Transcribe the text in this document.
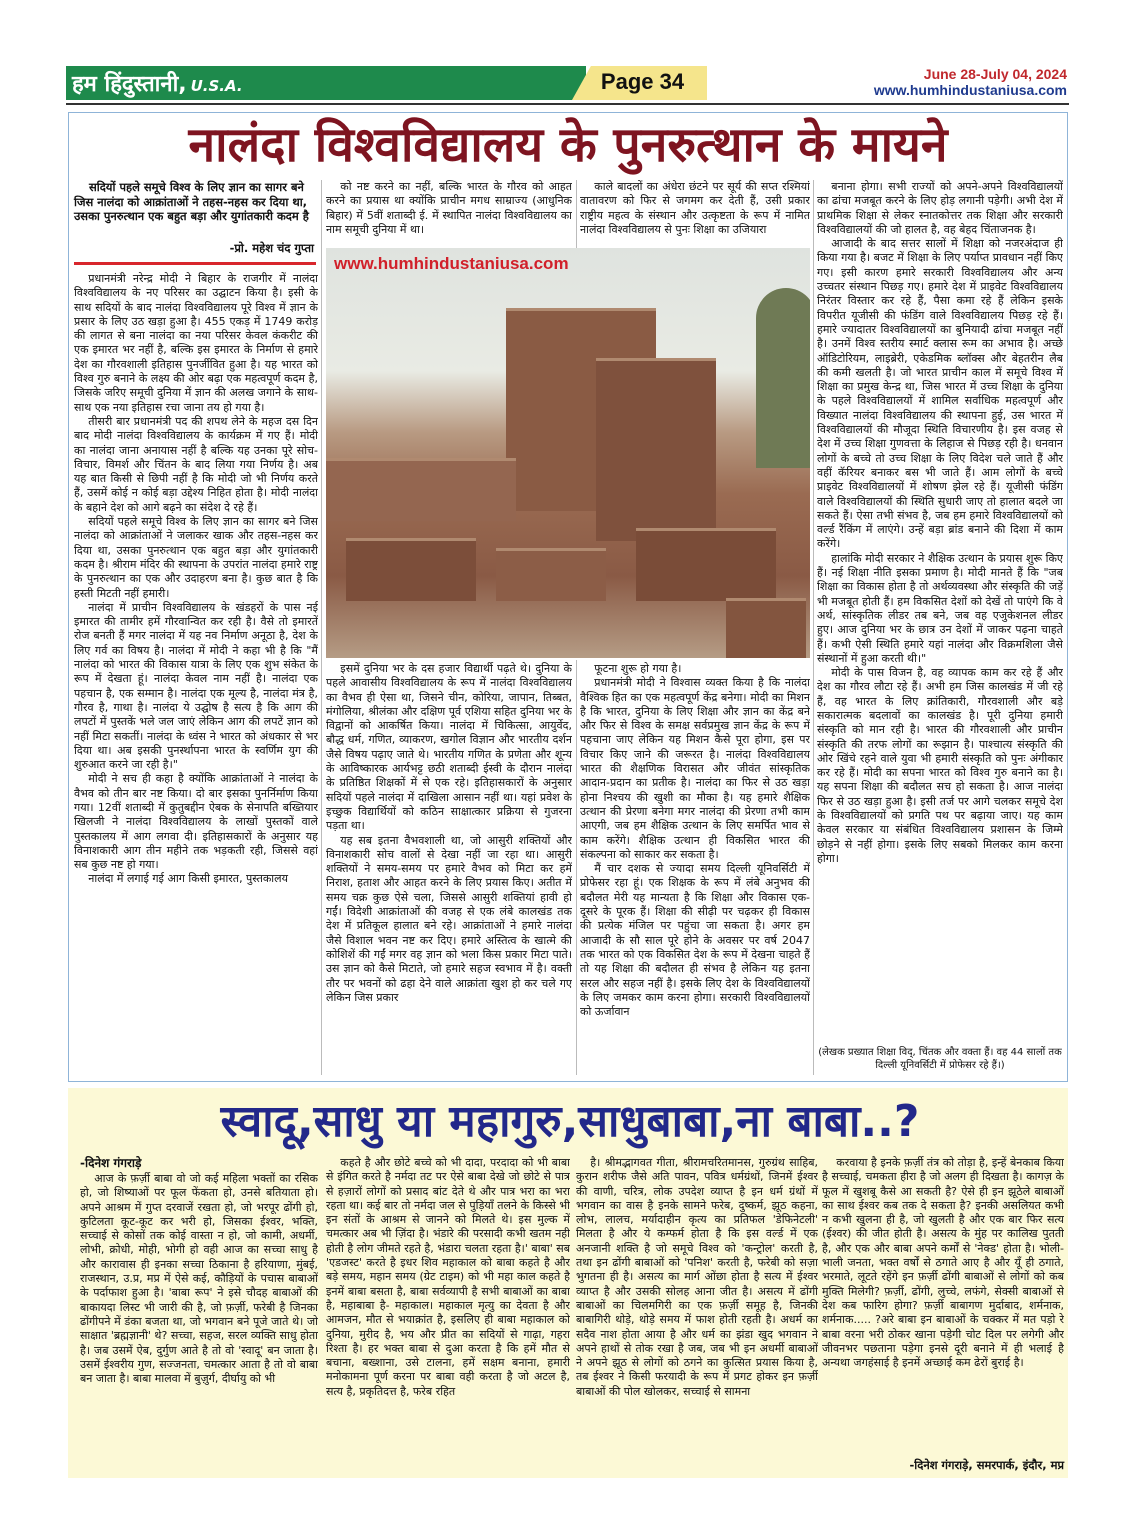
हम हिंदुस्तानी, U.S.A.	Page 34	June 28-July 04, 2024
www.humhindustaniusa.com
नालंदा विश्वविद्यालय के पुनरुत्थान के मायने

सदियों पहले समूचे विश्व के लिए ज्ञान का सागर बने जिस नालंदा को आक्रांताओं ने तहस-नहस कर दिया था, उसका पुनरुत्थान एक बहुत बड़ा और युगांतकारी कदम है

-प्रो. महेश चंद गुप्ता

प्रधानमंत्री नरेन्द्र मोदी ने बिहार के राजगीर में नालंदा विश्वविद्यालय के नए परिसर का उद्घाटन किया है। इसी के साथ सदियों के बाद नालंदा विश्वविद्यालय पूरे विश्व में ज्ञान के प्रसार के लिए उठ खड़ा हुआ है। 455 एकड़ में 1749 करोड़ की लागत से बना नालंदा का नया परिसर केवल कंकरीट की एक इमारत भर नहीं है, बल्कि इस इमारत के निर्माण से हमारे देश का गौरवशाली इतिहास पुनर्जीवित हुआ है। यह भारत को विश्व गुरु बनाने के लक्ष्य की ओर बढ़ा एक महत्वपूर्ण कदम है, जिसके जरिए समूची दुनिया में ज्ञान की अलख जगाने के साथ-साथ एक नया इतिहास रचा जाना तय हो गया है।

तीसरी बार प्रधानमंत्री पद की शपथ लेने के महज दस दिन बाद मोदी नालंदा विश्वविद्यालय के कार्यक्रम में गए हैं। मोदी का नालंदा जाना अनायास नहीं है बल्कि यह उनका पूरे सोच-विचार, विमर्श और चिंतन के बाद लिया गया निर्णय है। अब यह बात किसी से छिपी नहीं है कि मोदी जो भी निर्णय करते हैं, उसमें कोई न कोई बड़ा उद्देश्य निहित होता है। मोदी नालंदा के बहाने देश को आगे बढ़ने का संदेश दे रहे हैं।

सदियों पहले समूचे विश्व के लिए ज्ञान का सागर बने जिस नालंदा को आक्रांताओं ने जलाकर खाक और तहस-नहस कर दिया था, उसका पुनरुत्थान एक बहुत बड़ा और युगांतकारी कदम है। श्रीराम मंदिर की स्थापना के उपरांत नालंदा हमारे राष्ट्र के पुनरुत्थान का एक और उदाहरण बना है। कुछ बात है कि हस्ती मिटती नहीं हमारी।

नालंदा में प्राचीन विश्वविद्यालय के खंडहरों के पास नई इमारत की तामीर हमें गौरवान्वित कर रही है। वैसे तो इमारतें रोज बनती हैं मगर नालंदा में यह नव निर्माण अनूठा है, देश के लिए गर्व का विषय है। नालंदा में मोदी ने कहा भी है कि "मैं नालंदा को भारत की विकास यात्रा के लिए एक शुभ संकेत के रूप में देखता हूं। नालंदा केवल नाम नहीं है। नालंदा एक पहचान है, एक सम्मान है। नालंदा एक मूल्य है, नालंदा मंत्र है, गौरव है, गाथा है। नालंदा ये उद्घोष है सत्य है कि आग की लपटों में पुस्तकें भले जल जाएं लेकिन आग की लपटें ज्ञान को नहीं मिटा सकतीं। नालंदा के ध्वंस ने भारत को अंधकार से भर दिया था। अब इसकी पुनर्स्थापना भारत के स्वर्णिम युग की शुरुआत करने जा रही है।"

मोदी ने सच ही कहा है क्योंकि आक्रांताओं ने नालंदा के वैभव को तीन बार नष्ट किया। दो बार इसका पुनर्निर्माण किया गया। 12वीं शताब्दी में कुतुबद्दीन ऐबक के सेनापति बख्तियार खिलजी ने नालंदा विश्वविद्यालय के लाखों पुस्तकों वाले पुस्तकालय में आग लगवा दी। इतिहासकारों के अनुसार यह विनाशकारी आग तीन महीने तक भड़कती रही, जिससे वहां सब कुछ नष्ट हो गया।

नालंदा में लगाई गई आग किसी इमारत, पुस्तकालय

को नष्ट करने का नहीं, बल्कि भारत के गौरव को आहत करने का प्रयास था क्योंकि प्राचीन मगध साम्राज्य (आधुनिक बिहार) में 5वीं शताब्दी ई. में स्थापित नालंदा विश्वविद्यालय का नाम समूची दुनिया में था।

काले बादलों का अंधेरा छंटने पर सूर्य की सप्त रश्मियां वातावरण को फिर से जगमग कर देती हैं, उसी प्रकार राष्ट्रीय महत्व के संस्थान और उत्कृष्टता के रूप में नामित नालंदा विश्वविद्यालय से पुनः शिक्षा का उजियारा

www.humhindustaniusa.com

इसमें दुनिया भर के दस हजार विद्यार्थी पढ़ते थे। दुनिया के पहले आवासीय विश्वविद्यालय के रूप में नालंदा विश्वविद्यालय का वैभव ही ऐसा था, जिसने चीन, कोरिया, जापान, तिब्बत, मंगोलिया, श्रीलंका और दक्षिण पूर्व एशिया सहित दुनिया भर के विद्वानों को आकर्षित किया। नालंदा में चिकित्सा, आयुर्वेद, बौद्ध धर्म, गणित, व्याकरण, खगोल विज्ञान और भारतीय दर्शन जैसे विषय पढ़ाए जाते थे। भारतीय गणित के प्रणेता और शून्य के आविष्कारक आर्यभट्ट छठी शताब्दी ईस्वी के दौरान नालंदा के प्रतिष्ठित शिक्षकों में से एक रहे। इतिहासकारों के अनुसार सदियों पहले नालंदा में दाखिला आसान नहीं था। यहां प्रवेश के इच्छुक विद्यार्थियों को कठिन साक्षात्कार प्रक्रिया से गुजरना पड़ता था।

यह सब इतना वैभवशाली था, जो आसुरी शक्तियों और विनाशकारी सोच वालों से देखा नहीं जा रहा था। आसुरी शक्तियों ने समय-समय पर हमारे वैभव को मिटा कर हमें निराश, हताश और आहत करने के लिए प्रयास किए। अतीत में समय चक्र कुछ ऐसे चला, जिससे आसुरी शक्तियां हावी हो गईं। विदेशी आक्रांताओं की वजह से एक लंबे कालखंड तक देश में प्रतिकूल हालात बने रहे। आक्रांताओं ने हमारे नालंदा जैसे विशाल भवन नष्ट कर दिए। हमारे अस्तित्व के खात्मे की कोशिशें की गईं मगर वह ज्ञान को भला किस प्रकार मिटा पाते। उस ज्ञान को कैसे मिटाते, जो हमारे सहज स्वभाव में है। वक्ती तौर पर भवनों को ढहा देने वाले आक्रांता खुश हो कर चले गए लेकिन जिस प्रकार

फूटना शुरू हो गया है।

प्रधानमंत्री मोदी ने विश्वास व्यक्त किया है कि नालंदा वैश्विक हित का एक महत्वपूर्ण केंद्र बनेगा। मोदी का मिशन है कि भारत, दुनिया के लिए शिक्षा और ज्ञान का केंद्र बने और फिर से विश्व के समक्ष सर्वप्रमुख ज्ञान केंद्र के रूप में पहचाना जाए लेकिन यह मिशन कैसे पूरा होगा, इस पर विचार किए जाने की जरूरत है। नालंदा विश्वविद्यालय भारत की शैक्षणिक विरासत और जीवंत सांस्कृतिक आदान-प्रदान का प्रतीक है। नालंदा का फिर से उठ खड़ा होना निश्चय की खुशी का मौका है। यह हमारे शैक्षिक उत्थान की प्रेरणा बनेगा मगर नालंदा की प्रेरणा तभी काम आएगी, जब हम शैक्षिक उत्थान के लिए समर्पित भाव से काम करेंगे। शैक्षिक उत्थान ही विकसित भारत की संकल्पना को साकार कर सकता है।

मैं चार दशक से ज्यादा समय दिल्ली यूनिवर्सिटी में प्रोफेसर रहा हूं। एक शिक्षक के रूप में लंबे अनुभव की बदौलत मेरी यह मान्यता है कि शिक्षा और विकास एक-दूसरे के पूरक हैं। शिक्षा की सीढ़ी पर चढ़कर ही विकास की प्रत्येक मंजिल पर पहुंचा जा सकता है। अगर हम आजादी के सौ साल पूरे होने के अवसर पर वर्ष 2047 तक भारत को एक विकसित देश के रूप में देखना चाहते हैं तो यह शिक्षा की बदौलत ही संभव है लेकिन यह इतना सरल और सहज नहीं है। इसके लिए देश के विश्वविद्यालयों के लिए जमकर काम करना होगा। सरकारी विश्वविद्यालयों को ऊर्जावान

बनाना होगा। सभी राज्यों को अपने-अपने विश्वविद्यालयों का ढांचा मजबूत करने के लिए होड़ लगानी पड़ेगी। अभी देश में प्राथमिक शिक्षा से लेकर स्नातकोत्तर तक शिक्षा और सरकारी विश्वविद्यालयों की जो हालत है, वह बेहद चिंताजनक है।

आजादी के बाद सत्तर सालों में शिक्षा को नजरअंदाज ही किया गया है। बजट में शिक्षा के लिए पर्याप्त प्रावधान नहीं किए गए। इसी कारण हमारे सरकारी विश्वविद्यालय और अन्य उच्चतर संस्थान पिछड़ गए। हमारे देश में प्राइवेट विश्वविद्यालय निरंतर विस्तार कर रहे हैं, पैसा कमा रहे हैं लेकिन इसके विपरीत यूजीसी की फंडिंग वाले विश्वविद्यालय पिछड़ रहे हैं। हमारे ज्यादातर विश्वविद्यालयों का बुनियादी ढांचा मजबूत नहीं है। उनमें विश्व स्तरीय स्मार्ट क्लास रूम का अभाव है। अच्छे ऑडिटोरियम, लाइब्रेरी, एकेडमिक ब्लॉक्स और बेहतरीन लैब की कमी खलती है। जो भारत प्राचीन काल में समूचे विश्व में शिक्षा का प्रमुख केन्द्र था, जिस भारत में उच्च शिक्षा के दुनिया के पहले विश्वविद्यालयों में शामिल सर्वाधिक महत्वपूर्ण और विख्यात नालंदा विश्वविद्यालय की स्थापना हुई, उस भारत में विश्वविद्यालयों की मौजूदा स्थिति विचारणीय है। इस वजह से देश में उच्च शिक्षा गुणवत्ता के लिहाज से पिछड़ रही है। धनवान लोगों के बच्चे तो उच्च शिक्षा के लिए विदेश चले जाते हैं और वहीं कॅरियर बनाकर बस भी जाते हैं। आम लोगों के बच्चे प्राइवेट विश्वविद्यालयों में शोषण झेल रहे हैं। यूजीसी फंडिंग वाले विश्वविद्यालयों की स्थिति सुधारी जाए तो हालात बदले जा सकते हैं। ऐसा तभी संभव है, जब हम हमारे विश्वविद्यालयों को वर्ल्ड रैंकिंग में लाएंगे। उन्हें बड़ा ब्रांड बनाने की दिशा में काम करेंगे।

हालांकि मोदी सरकार ने शैक्षिक उत्थान के प्रयास शुरू किए हैं। नई शिक्षा नीति इसका प्रमाण है। मोदी मानते हैं कि "जब शिक्षा का विकास होता है तो अर्थव्यवस्था और संस्कृति की जड़ें भी मजबूत होती हैं। हम विकसित देशों को देखें तो पाएंगे कि वे अर्थ, सांस्कृतिक लीडर तब बने, जब वह एजुकेशनल लीडर हुए। आज दुनिया भर के छात्र उन देशों में जाकर पढ़ना चाहते हैं। कभी ऐसी स्थिति हमारे यहां नालंदा और विक्रमशिला जैसे संस्थानों में हुआ करती थी।"

मोदी के पास विजन है, वह व्यापक काम कर रहे हैं और देश का गौरव लौटा रहे हैं। अभी हम जिस कालखंड में जी रहे हैं, वह भारत के लिए क्रांतिकारी, गौरवशाली और बड़े सकारात्मक बदलावों का कालखंड है। पूरी दुनिया हमारी संस्कृति को मान रही है। भारत की गौरवशाली और प्राचीन संस्कृति की तरफ लोगों का रूझान है। पाश्चात्य संस्कृति की ओर खिंचे रहने वाले युवा भी हमारी संस्कृति को पुनः अंगीकार कर रहे हैं। मोदी का सपना भारत को विश्व गुरु बनाने का है। यह सपना शिक्षा की बदौलत सच हो सकता है। आज नालंदा फिर से उठ खड़ा हुआ है। इसी तर्ज पर आगे चलकर समूचे देश के विश्वविद्यालयों को प्रगति पथ पर बढ़ाया जाए। यह काम केवल सरकार या संबंधित विश्वविद्यालय प्रशासन के जिम्मे छोड़ने से नहीं होगा। इसके लिए सबको मिलकर काम करना होगा।

(लेखक प्रख्यात शिक्षा विद्, चिंतक और वक्ता हैं। वह 44 सालों तक दिल्ली यूनिवर्सिटी में प्रोफेसर रहे हैं।)
स्वादू,साधु या महागुरु,साधुबाबा,ना बाबा..?
-दिनेश गंगराड़े

आज के फ़र्ज़ी बाबा वो जो कई महिला भक्तों का रसिक हो, जो शिष्याओं पर फूल फेंकता हो, उनसे बतियाता हो। अपने आश्रम में गुप्त दरवाजें रखता हो, जो भरपूर ढोंगी हो, कुटिलता कूट-कूट कर भरी हो, जिसका ईश्वर, भक्ति, सच्चाई से कोसों तक कोई वास्ता न हो, जो कामी, अधर्मी, लोभी, क्रोधी, मोही, भोगी हो वही आज का सच्चा साधु है और कारावास ही इनका सच्चा ठिकाना है हरियाणा, मुंबई, राजस्थान, उ.प्र, मप्र में ऐसे कई, कौड़ियों के पचास बाबाओं के पर्दाफाश हुआ है। 'बाबा रूप' ने इसे चौदह बाबाओं की बाकायदा लिस्ट भी जारी की है, जो फ़र्ज़ी, फरेबी है जिनका ढोंगीपने में डंका बजता था, जो भगवान बने पूजे जाते थे। जो साक्षात 'ब्रह्मज्ञानी' थे? सच्चा, सहज, सरल व्यक्ति साधु होता है। जब उसमें ऐब, दुर्गुण आते है तो वो 'स्वादू' बन जाता है। उसमें ईश्वरीय गुण, सज्जनता, चमत्कार आता है तो वो बाबा बन जाता है। बाबा मालवा में बुज़ुर्ग, दीर्घायु को भी

कहते है और छोटे बच्चे को भी दादा, परदादा को भी बाबा से इंगित करते है नर्मदा तट पर ऐसे बाबा देखे जो छोटे से पात्र से हज़ारों लोगों को प्रसाद बांट देते थे और पात्र भरा का भरा रहता था। कई बार तो नर्मदा जल से पुड़ियाँ तलने के किस्से भी इन संतों के आश्रम से जानने को मिलते थे। इस मुल्क में चमत्कार अब भी ज़िंदा है। भंडारे की परसादी कभी खतम नही होती है लोग जीमते रहते है, भंडारा चलता रहता है।' बाबा' सब 'एडजस्ट' करते है इधर शिव महाकाल को बाबा कहते है और बड़े समय, महान समय (ग्रेट टाइम) को भी महा काल कहते है इनमें बाबा बसता है, बाबा सर्वव्यापी है सभी बाबाओं का बाबा है, महाबाबा है- महाकाल। महाकाल मृत्यु का देवता है और आमजन, मौत से भयाक्रांत है, इसलिए ही बाबा महाकाल को दुनिया, मुरीद है, भय और प्रीत का सदियों से गाढ़ा, गहरा रिश्ता है। हर भक्त बाबा से दुआ करता है कि हमें मौत से बचाना, बख्शाना, उसे टालना, हमें सक्षम बनाना, हमारी मनोकामना पूर्ण करना पर बाबा वही करता है जो अटल है, सत्य है, प्रकृतिदत्त है, फरेब रहित

है। श्रीमद्भागवत गीता, श्रीरामचरितमानस, गुरुग्रंथ साहिब, कुरान शरीफ जैसे अति पावन, पवित्र धर्मग्रंथों, जिनमें ईश्वर की वाणी, चरित्र, लोक उपदेश व्याप्त है इन धर्म ग्रंथों में भगवान का वास है इनके सामने फरेब, दुष्कर्म, झूठ कहना, लोभ, लालच, मर्यादाहीन कृत्य का प्रतिफल 'डेफिनेटली' मिलता है और ये कम्फर्म होता है कि इस वर्ल्ड में एक अनजानी शक्ति है जो समूचे विश्व को 'कन्ट्रोल' करती है, तथा इन ढोंगी बाबाओं को 'पनिश' करती है, फरेबी को सज़ा भुगतना ही है। असत्य का मार्ग ओंछा होता है सत्य में ईश्वर व्याप्त है और उसकी सोलह आना जीत है। असत्य में ढोंगी बाबाओं का चिलमगिरी का एक फ़र्ज़ी समूह है, जिनकी बाबागिरी थोड़े, थोड़े समय में फाश होती रहती है। अधर्म का सदैव नाश होता आया है और धर्म का झंडा खुद भगवान ने अपने हाथों से तोक रखा है जब, जब भी इन अधर्मी बाबाओं ने अपने झूठ से लोगों को ठगने का कुत्सित प्रयास किया है, तब ईश्वर ने किसी फरयादी के रूप में प्रगट होकर इन फ़र्ज़ी बाबाओं की पोल खोलकर, सच्चाई से सामना

करवाया है इनके फ़र्ज़ी तंत्र को तोड़ा है, इन्हें बेनकाब किया है सच्चाई, चमकता हीरा है जो अलग ही दिखता है। कागज़ के फूल में खुशबू कैसे आ सकती है? ऐसे ही इन झूठेले बाबाओं का साथ ईश्वर कब तक दे सकता है? इनकी असलियत कभी न कभी खुलना ही है, जो खुलती है और एक बार फिर सत्य (ईश्वर) की जीत होती है। असत्य के मुंह पर कालिख पुतती है, और एक और बाबा अपने कर्मों से 'नेक्ड' होता है। भोली-भाली जनता, भक्त वर्षों से ठगाते आए है और यूँ ही ठगाते, भरमाते, लूटते रहेंगे इन फ़र्ज़ी ढोंगी बाबाओं से लोगों को कब मुक्ति मिलेगी? फ़र्ज़ी, ढोंगी, लुच्चे, लफंगे, सेक्सी बाबाओं से देश कब फारिग होगा? फ़र्ज़ी बाबागण मुर्दाबाद, शर्मनाक, शर्मनाक..... ?अरे बाबा इन बाबाओं के चक्कर में मत पड़ो रे बाबा वरना भरी ठोकर खाना पड़ेगी चोट दिल पर लगेगी और जीवनभर पछताना पड़ेगा इनसे दूरी बनाने में ही भलाई है अन्यथा जगहंसाई है इनमें अच्छाई कम ढेरों बुराई है।

-दिनेश गंगराड़े, समरपार्क, इंदौर, मप्र
